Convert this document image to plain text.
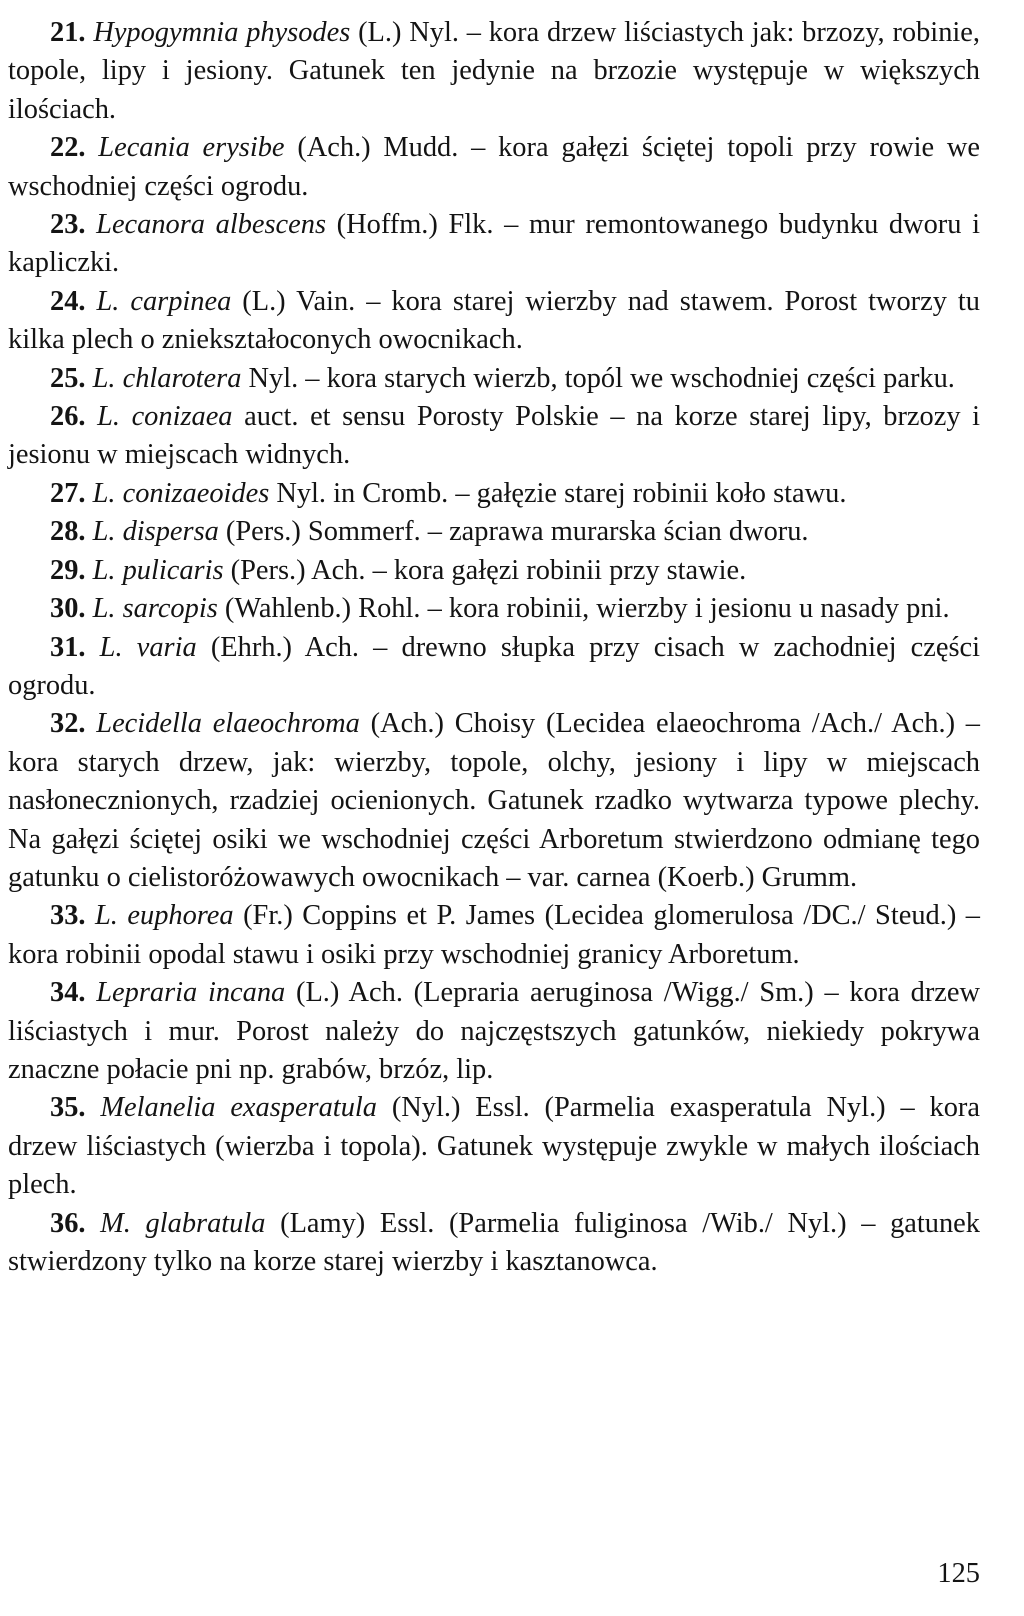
21. Hypogymnia physodes (L.) Nyl. – kora drzew liściastych jak: brzozy, robinie, topole, lipy i jesiony. Gatunek ten jedynie na brzozie występuje w większych ilościach.

22. Lecania erysibe (Ach.) Mudd. – kora gałęzi ściętej topoli przy rowie we wschodniej części ogrodu.

23. Lecanora albescens (Hoffm.) Flk. – mur remontowanego budynku dworu i kapliczki.

24. L. carpinea (L.) Vain. – kora starej wierzby nad stawem. Porost tworzy tu kilka plech o zniekształoconych owocnikach.

25. L. chlarotera Nyl. – kora starych wierzb, topól we wschodniej części parku.

26. L. conizaea auct. et sensu Porosty Polskie – na korze starej lipy, brzozy i jesionu w miejscach widnych.

27. L. conizaeoides Nyl. in Cromb. – gałęzie starej robinii koło stawu.

28. L. dispersa (Pers.) Sommerf. – zaprawa murarska ścian dworu.

29. L. pulicaris (Pers.) Ach. – kora gałęzi robinii przy stawie.

30. L. sarcopis (Wahlenb.) Rohl. – kora robinii, wierzby i jesionu u nasady pni.

31. L. varia (Ehrh.) Ach. – drewno słupka przy cisach w zachodniej części ogrodu.

32. Lecidella elaeochroma (Ach.) Choisy (Lecidea elaeochroma /Ach./ Ach.) – kora starych drzew, jak: wierzby, topole, olchy, jesiony i lipy w miejscach nasłonecznionych, rzadziej ocienionych. Gatunek rzadko wytwarza typowe plechy. Na gałęzi ściętej osiki we wschodniej części Arboretum stwierdzono odmianę tego gatunku o cielistoróżowawych owocnikach – var. carnea (Koerb.) Grumm.

33. L. euphorea (Fr.) Coppins et P. James (Lecidea glomerulosa /DC./ Steud.) – kora robinii opodal stawu i osiki przy wschodniej granicy Arboretum.

34. Lepraria incana (L.) Ach. (Lepraria aeruginosa /Wigg./ Sm.) – kora drzew liściastych i mur. Porost należy do najczęstszych gatunków, niekiedy pokrywa znaczne połacie pni np. grabów, brzóz, lip.

35. Melanelia exasperatula (Nyl.) Essl. (Parmelia exasperatula Nyl.) – kora drzew liściastych (wierzba i topola). Gatunek występuje zwykle w małych ilościach plech.

36. M. glabratula (Lamy) Essl. (Parmelia fuliginosa /Wib./ Nyl.) – gatunek stwierdzony tylko na korze starej wierzby i kasztanowca.

125
